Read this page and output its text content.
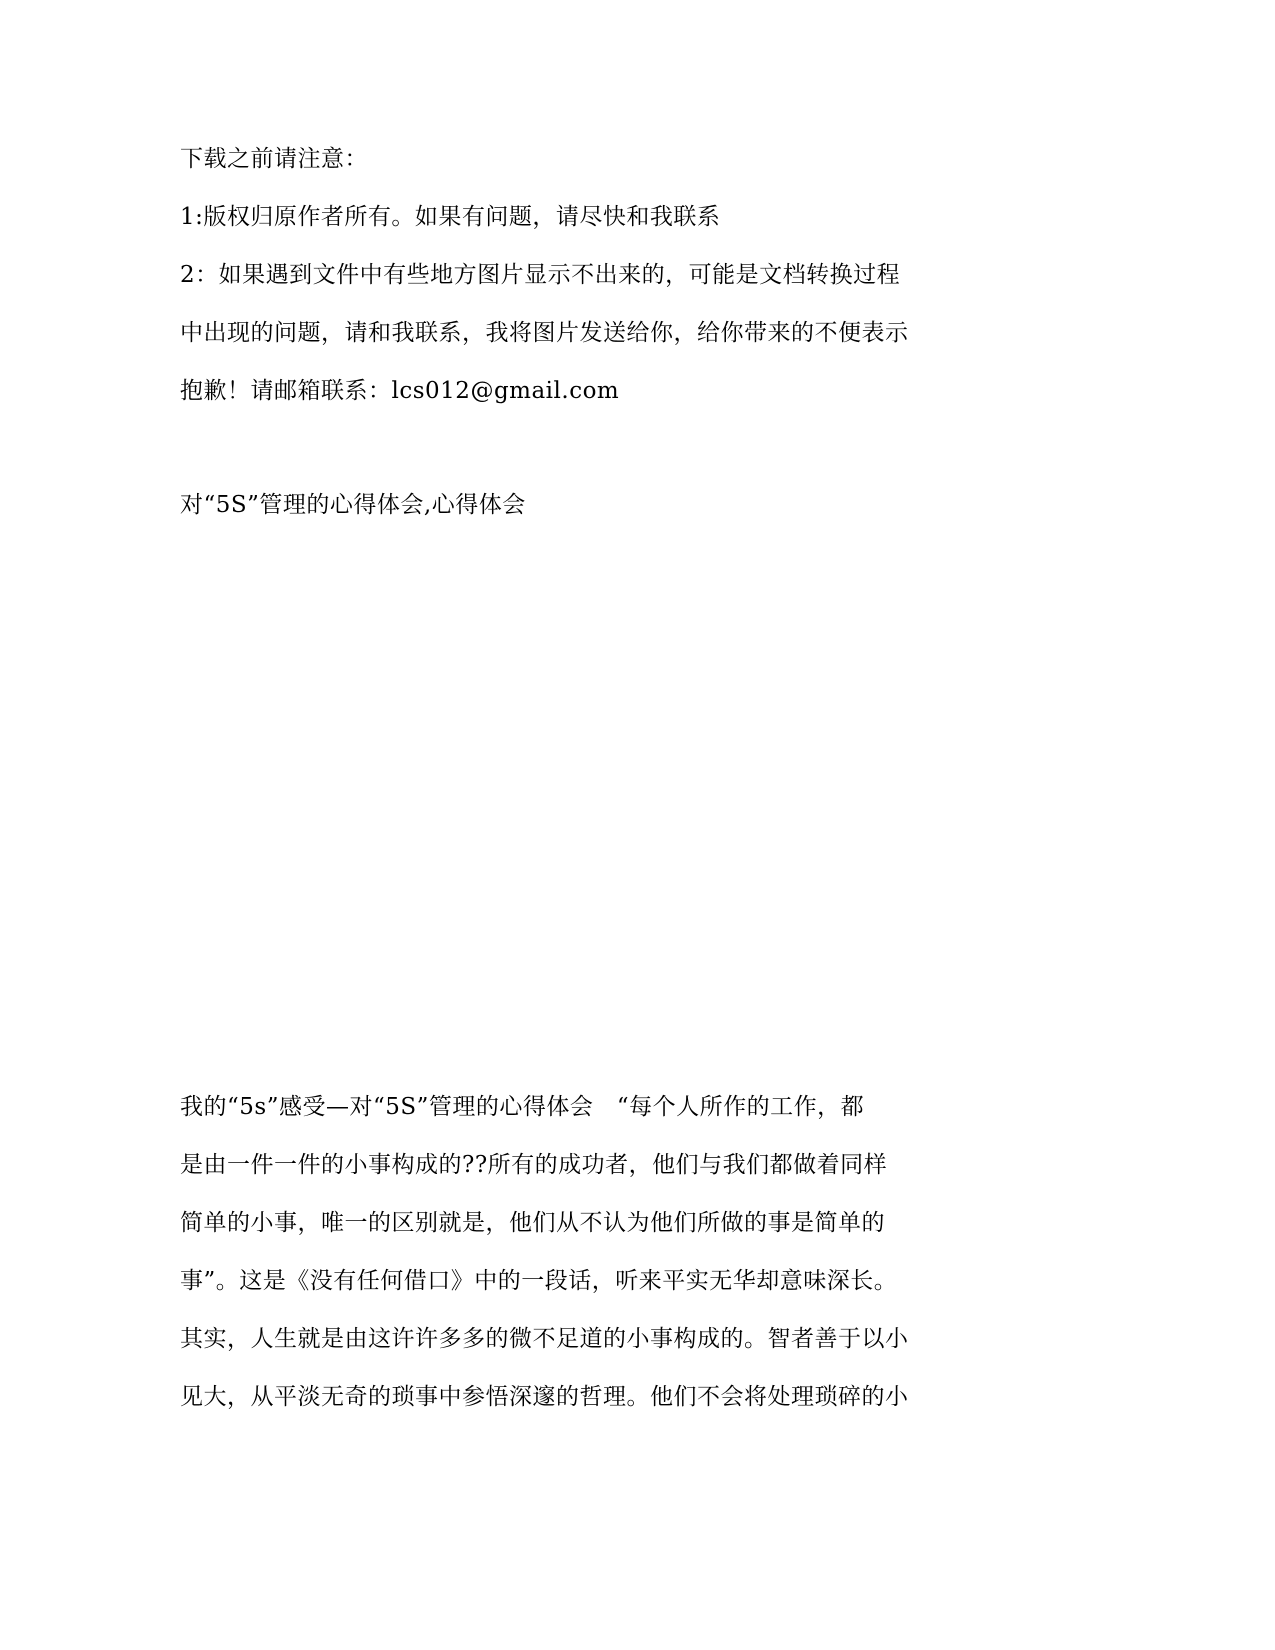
下载之前请注意：
1:版权归原作者所有。如果有问题，请尽快和我联系
2：如果遇到文件中有些地方图片显示不出来的，可能是文档转换过程
中出现的问题，请和我联系，我将图片发送给你，给你带来的不便表示
抱歉！请邮箱联系：lcs012@gmail.com
对“5S”管理的心得体会,心得体会
我的“5s”感受—对“5S”管理的心得体会　“每个人所作的工作，都
是由一件一件的小事构成的??所有的成功者，他们与我们都做着同样
简单的小事，唯一的区别就是，他们从不认为他们所做的事是简单的
事”。这是《没有任何借口》中的一段话，听来平实无华却意味深长。
其实，人生就是由这许许多多的微不足道的小事构成的。智者善于以小
见大，从平淡无奇的琐事中参悟深邃的哲理。他们不会将处理琐碎的小
